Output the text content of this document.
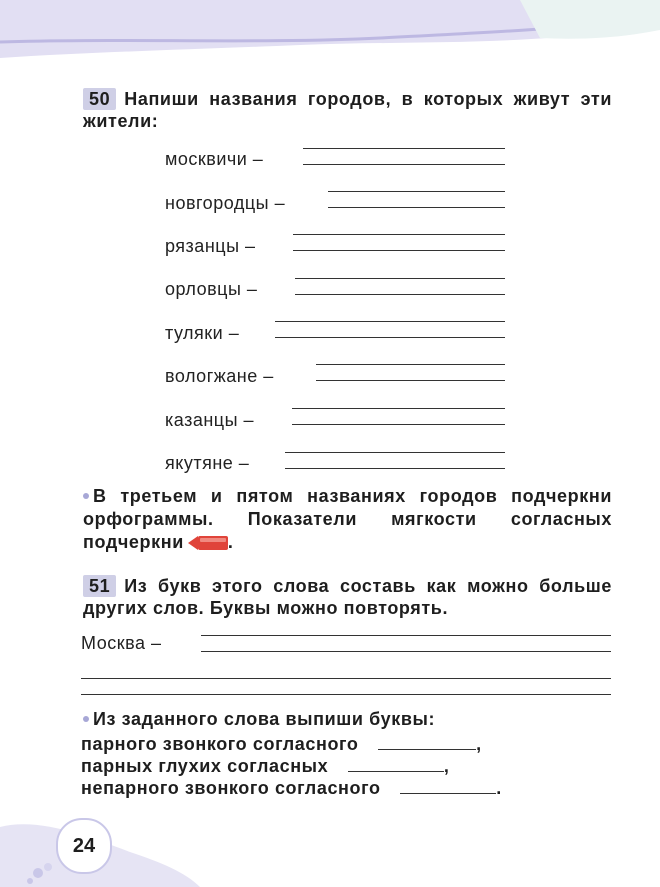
50 Напиши названия городов, в которых живут эти жители:
москвичи –
новгородцы –
рязанцы –
орловцы –
туляки –
вологжане –
казанцы –
якутяне –
В третьем и пятом названиях городов подчеркни орфограммы. Показатели мягкости согласных подчеркни .
51 Из букв этого слова составь как можно больше других слов. Буквы можно повторять.
Москва –
Из заданного слова выпиши буквы:
парного звонкого согласного	,
парных глухих согласных	,
непарного звонкого согласного	.
24
